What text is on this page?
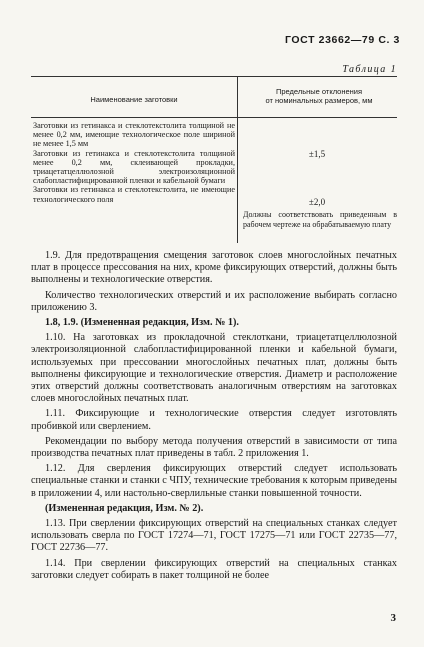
ГОСТ 23662—79 С. 3
Таблица 1
Наименование заготовки
Предельные отклонения
от номинальных размеров, мм

Заготовки из гетинакса и стеклотекстолита толщиной не менее 0,2 мм, имеющие технологическое поле шириной не менее 1,5 мм

Заготовки из гетинакса и стеклотекстолита толщиной менее 0,2 мм, склеивающей прокладки, триацетатцеллюлозной электроизоляционной слабопластифицированной пленки и кабельной бумаги

Заготовки из гетинакса и стеклотекстолита, не имеющие технологического поля

±1,5
±2,0
Должны соответствовать приведенным в рабочем чертеже на обрабатываемую плату

1.9. Для предотвращения смещения заготовок слоев многослойных печатных плат в процессе прессования на них, кроме фиксирующих отверстий, должны быть выполнены и технологические отверстия.

Количество технологических отверстий и их расположение выбирать согласно приложению 3.

1.8, 1.9. (Измененная редакция, Изм. № 1).

1.10. На заготовках из прокладочной стеклоткани, триацетатцеллюлозной электроизоляционной слабопластифицированной пленки и кабельной бумаги, используемых при прессовании многослойных печатных плат, должны быть выполнены фиксирующие и технологические отверстия. Диаметр и расположение этих отверстий должны соответствовать аналогичным отверстиям на заготовках слоев многослойных печатных плат.

1.11. Фиксирующие и технологические отверстия следует изготовлять пробивкой или сверлением.

Рекомендации по выбору метода получения отверстий в зависимости от типа производства печатных плат приведены в табл. 2 приложения 1.

1.12. Для сверления фиксирующих отверстий следует использовать специальные станки и станки с ЧПУ, технические требования к которым приведены в приложении 4, или настольно-сверлильные станки повышенной точности.

(Измененная редакция, Изм. № 2).

1.13. При сверлении фиксирующих отверстий на специальных станках следует использовать сверла по ГОСТ 17274—71, ГОСТ 17275—71 или ГОСТ 22735—77, ГОСТ 22736—77.

1.14. При сверлении фиксирующих отверстий на специальных станках заготовки следует собирать в пакет толщиной не более

3
